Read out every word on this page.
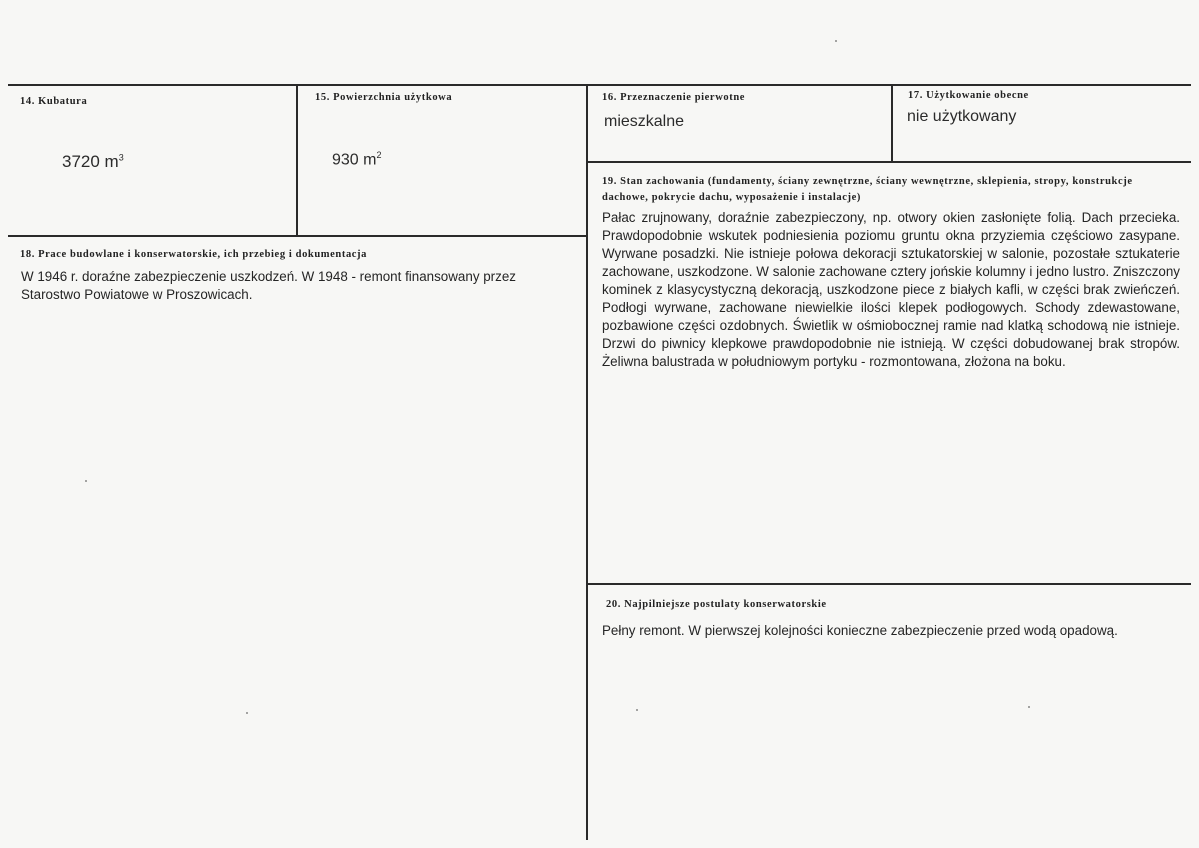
14. Kubatura
3720 $m^3$
15. Powierzchnia użytkowa
930 $m^2$
16. Przeznaczenie pierwotne
mieszkalne
17. Użytkowanie obecne
nie użytkowany
18. Prace budowlane i konserwatorskie, ich przebieg i dokumentacja
W 1946 r. doraźne zabezpieczenie uszkodzeń. W 1948 - remont finansowany przez Starostwo Powiatowe w Proszowicach.
19. Stan zachowania (fundamenty, ściany zewnętrzne, ściany wewnętrzne, sklepienia, stropy, konstrukcje dachowe, pokrycie dachu, wyposażenie i instalacje)
Pałac zrujnowany, doraźnie zabezpieczony, np. otwory okien zasłonięte folią. Dach przecieka. Prawdopodobnie wskutek podniesienia poziomu gruntu okna przyziemia częściowo zasypane. Wyrwane posadzki. Nie istnieje połowa dekoracji sztukatorskiej w salonie, pozostałe sztukaterie zachowane, uszkodzone. W salonie zachowane cztery jońskie kolumny i jedno lustro. Zniszczony kominek z klasycystyczną dekoracją, uszkodzone piece z białych kafli, w części brak zwieńczeń. Podłogi wyrwane, zachowane niewielkie ilości klepek podłogowych. Schody zdewastowane, pozbawione części ozdobnych. Świetlik w ośmiobocznej ramie nad klatką schodową nie istnieje. Drzwi do piwnicy klepkowe prawdopodobnie nie istnieją. W części dobudowanej brak stropów. Żeliwna balustrada w południowym portyku - rozmontowana, złożona na boku.
20. Najpilniejsze postulaty konserwatorskie
Pełny remont. W pierwszej kolejności konieczne zabezpieczenie przed wodą opadową.
